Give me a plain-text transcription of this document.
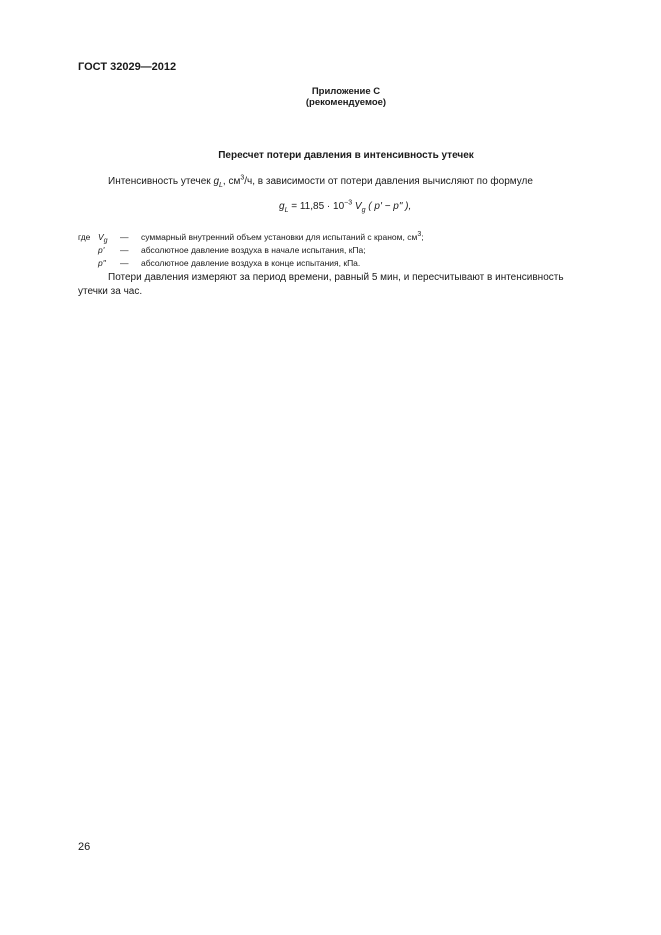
ГОСТ 32029—2012
Приложение С
(рекомендуемое)
Пересчет потери давления в интенсивность утечек
Интенсивность утечек $g_L$, $см^3/ч$, в зависимости от потери давления вычисляют по формуле
$g_L = 11,85 \cdot 10^{-3}$ $V_g$ ( p' − p" ),
где $V_g$	—	суммарный внутренний объем установки для испытаний с краном, $см^3$;
p'	—	абсолютное давление воздуха в начале испытания, кПа;
p"	—	абсолютное давление воздуха в конце испытания, кПа.
Потери давления измеряют за период времени, равный 5 мин, и пересчитывают в интенсивность
утечки за час.
26
